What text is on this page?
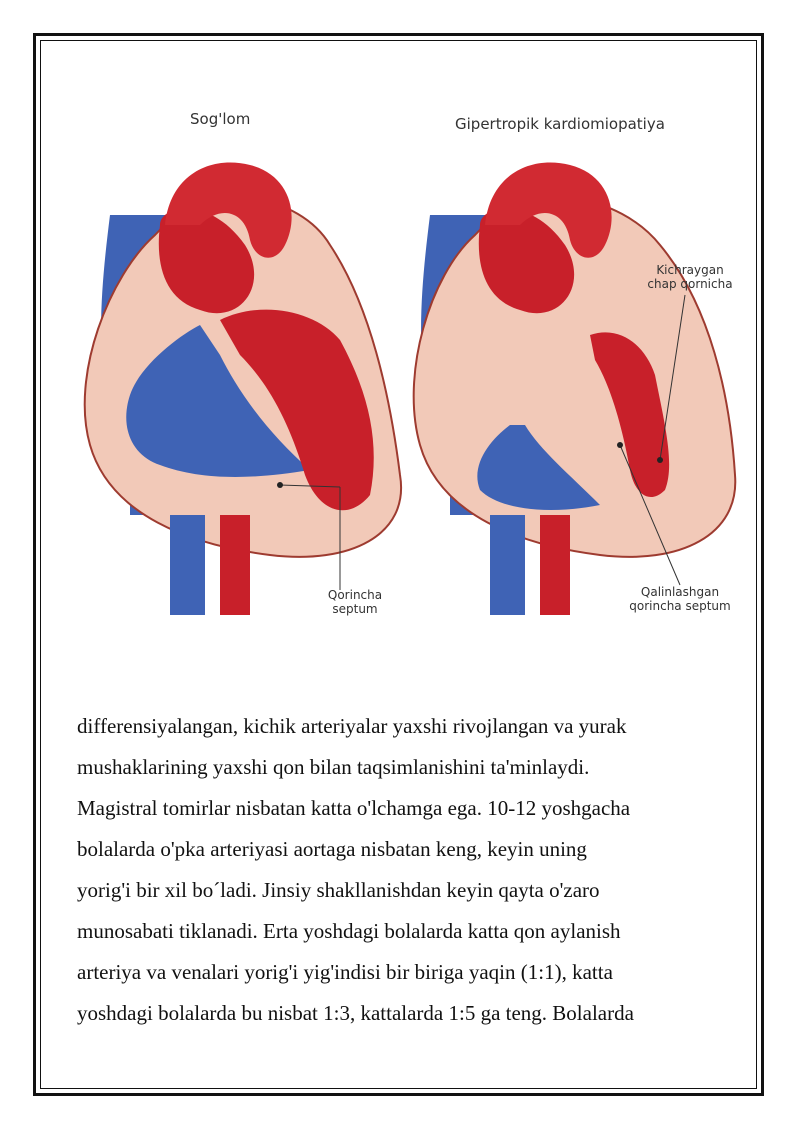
Sog'lom	Gipertropik kardiomiopatiya
Qorincha
septum
Kichraygan
chap qornicha
Qalinlashgan
qorincha septum
differensiyalangan, kichik arteriyalar yaxshi rivojlangan va yurak
mushaklarining yaxshi qon bilan taqsimlanishini ta'minlaydi.
Magistral tomirlar nisbatan katta o'lchamga ega. 10-12 yoshgacha
bolalarda o'pka arteriyasi aortaga nisbatan keng, keyin uning
yorig'i bir xil bo´ladi. Jinsiy shakllanishdan keyin qayta o'zaro
munosabati tiklanadi. Erta yoshdagi bolalarda katta qon aylanish
arteriya va venalari yorig'i yig'indisi bir biriga yaqin (1:1), katta
yoshdagi bolalarda bu nisbat 1:3, kattalarda 1:5 ga teng. Bolalarda
